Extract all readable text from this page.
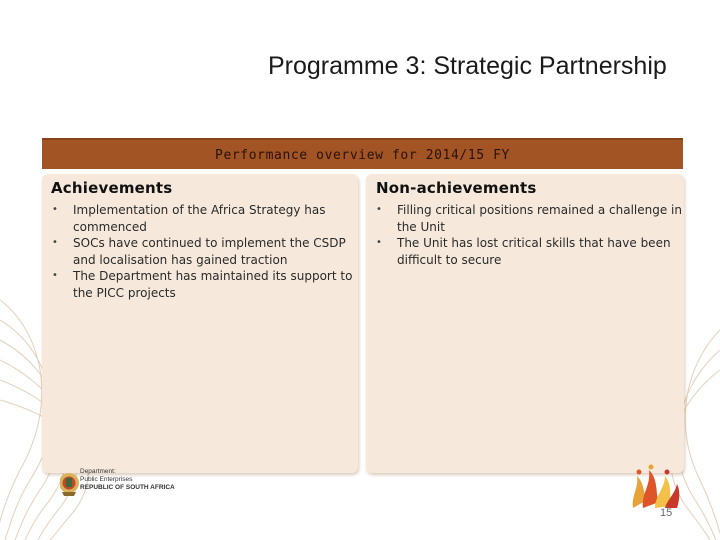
Programme 3: Strategic Partnership
Performance overview for 2014/15 FY
Achievements
• Implementation of the Africa Strategy has commenced
• SOCs have continued to implement the CSDP and localisation has gained traction
• The Department has maintained its support to the PICC projects
Non-achievements
• Filling critical positions remained a challenge in the Unit
• The Unit has lost critical skills that have been difficult to secure
Department:
Public Enterprises
REPUBLIC OF SOUTH AFRICA
15
